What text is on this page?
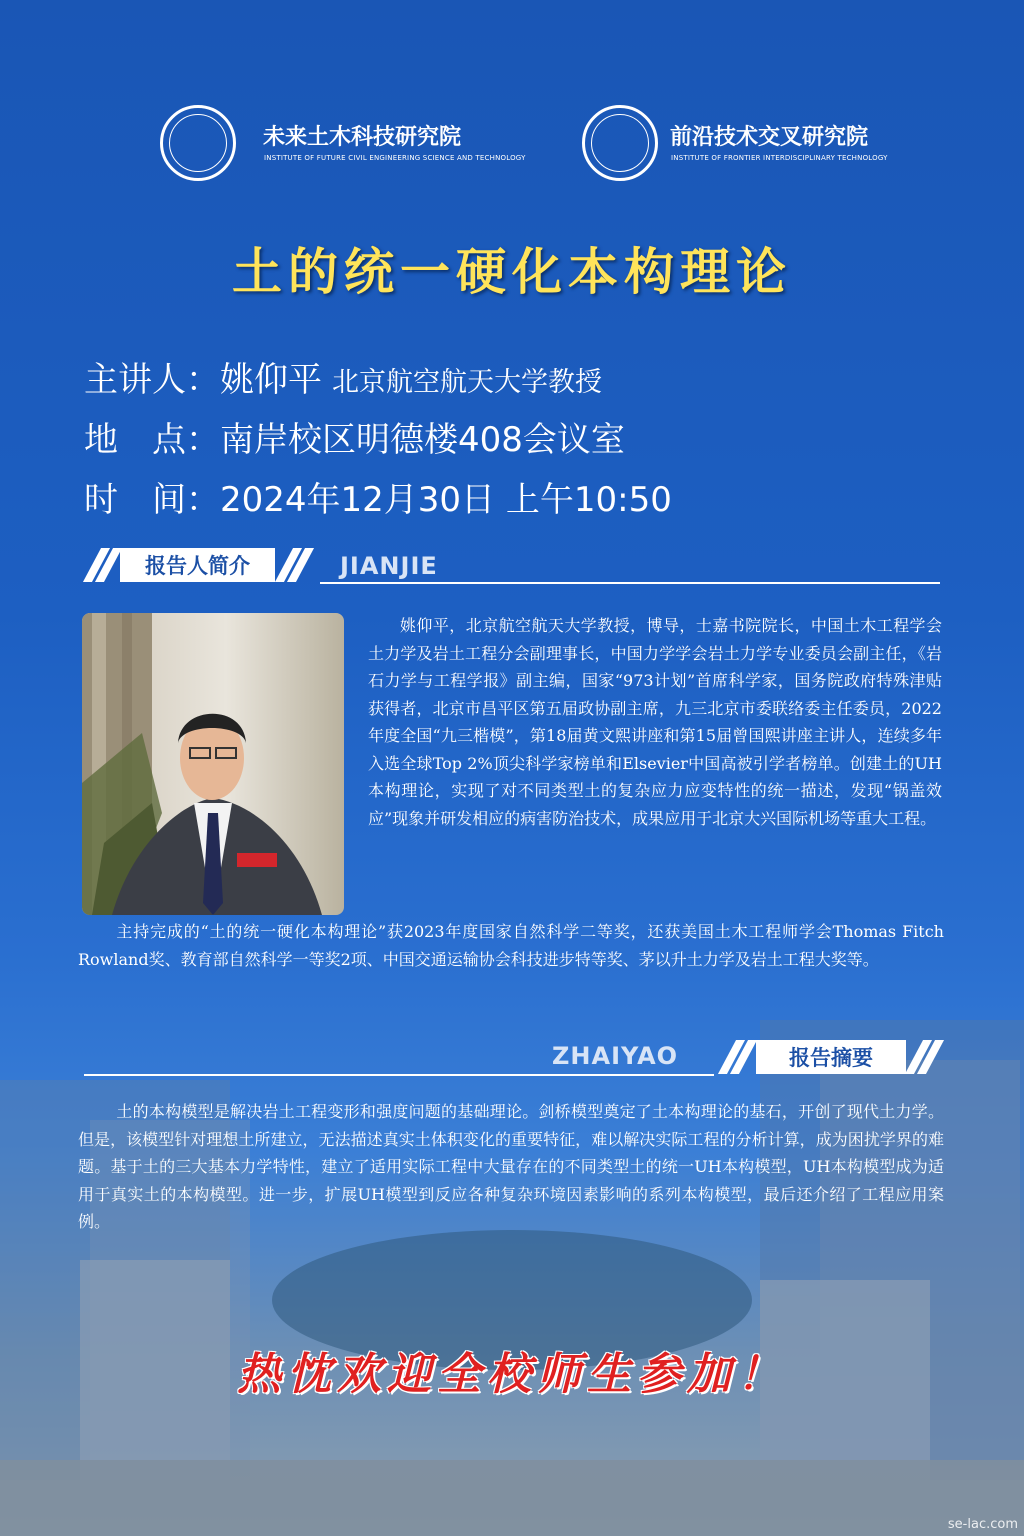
未来土木科技研究院
INSTITUTE OF FUTURE CIVIL ENGINEERING SCIENCE AND TECHNOLOGY
前沿技术交叉研究院
INSTITUTE OF FRONTIER INTERDISCIPLINARY TECHNOLOGY
土的统一硬化本构理论
主讲人：姚仰平 北京航空航天大学教授
地　点：南岸校区明德楼408会议室
时　间：2024年12月30日 上午10:50
报告人简介	JIANJIE
姚仰平，北京航空航天大学教授，博导，士嘉书院院长，中国土木工程学会土力学及岩土工程分会副理事长，中国力学学会岩土力学专业委员会副主任，《岩石力学与工程学报》副主编，国家“973计划”首席科学家，国务院政府特殊津贴获得者，北京市昌平区第五届政协副主席，九三北京市委联络委主任委员，2022年度全国“九三楷模”，第18届黄文熙讲座和第15届曾国熙讲座主讲人，连续多年入选全球Top 2%顶尖科学家榜单和Elsevier中国高被引学者榜单。创建土的UH本构理论，实现了对不同类型土的复杂应力应变特性的统一描述，发现“锅盖效应”现象并研发相应的病害防治技术，成果应用于北京大兴国际机场等重大工程。
主持完成的“土的统一硬化本构理论”获2023年度国家自然科学二等奖，还获美国土木工程师学会Thomas Fitch Rowland奖、教育部自然科学一等奖2项、中国交通运输协会科技进步特等奖、茅以升土力学及岩土工程大奖等。
ZHAIYAO	报告摘要
土的本构模型是解决岩土工程变形和强度问题的基础理论。剑桥模型奠定了土本构理论的基石，开创了现代土力学。但是，该模型针对理想土所建立，无法描述真实土体积变化的重要特征，难以解决实际工程的分析计算，成为困扰学界的难题。基于土的三大基本力学特性，建立了适用实际工程中大量存在的不同类型土的统一UH本构模型，UH本构模型成为适用于真实土的本构模型。进一步，扩展UH模型到反应各种复杂环境因素影响的系列本构模型，最后还介绍了工程应用案例。
热忱欢迎全校师生参加！
se-lac.com
